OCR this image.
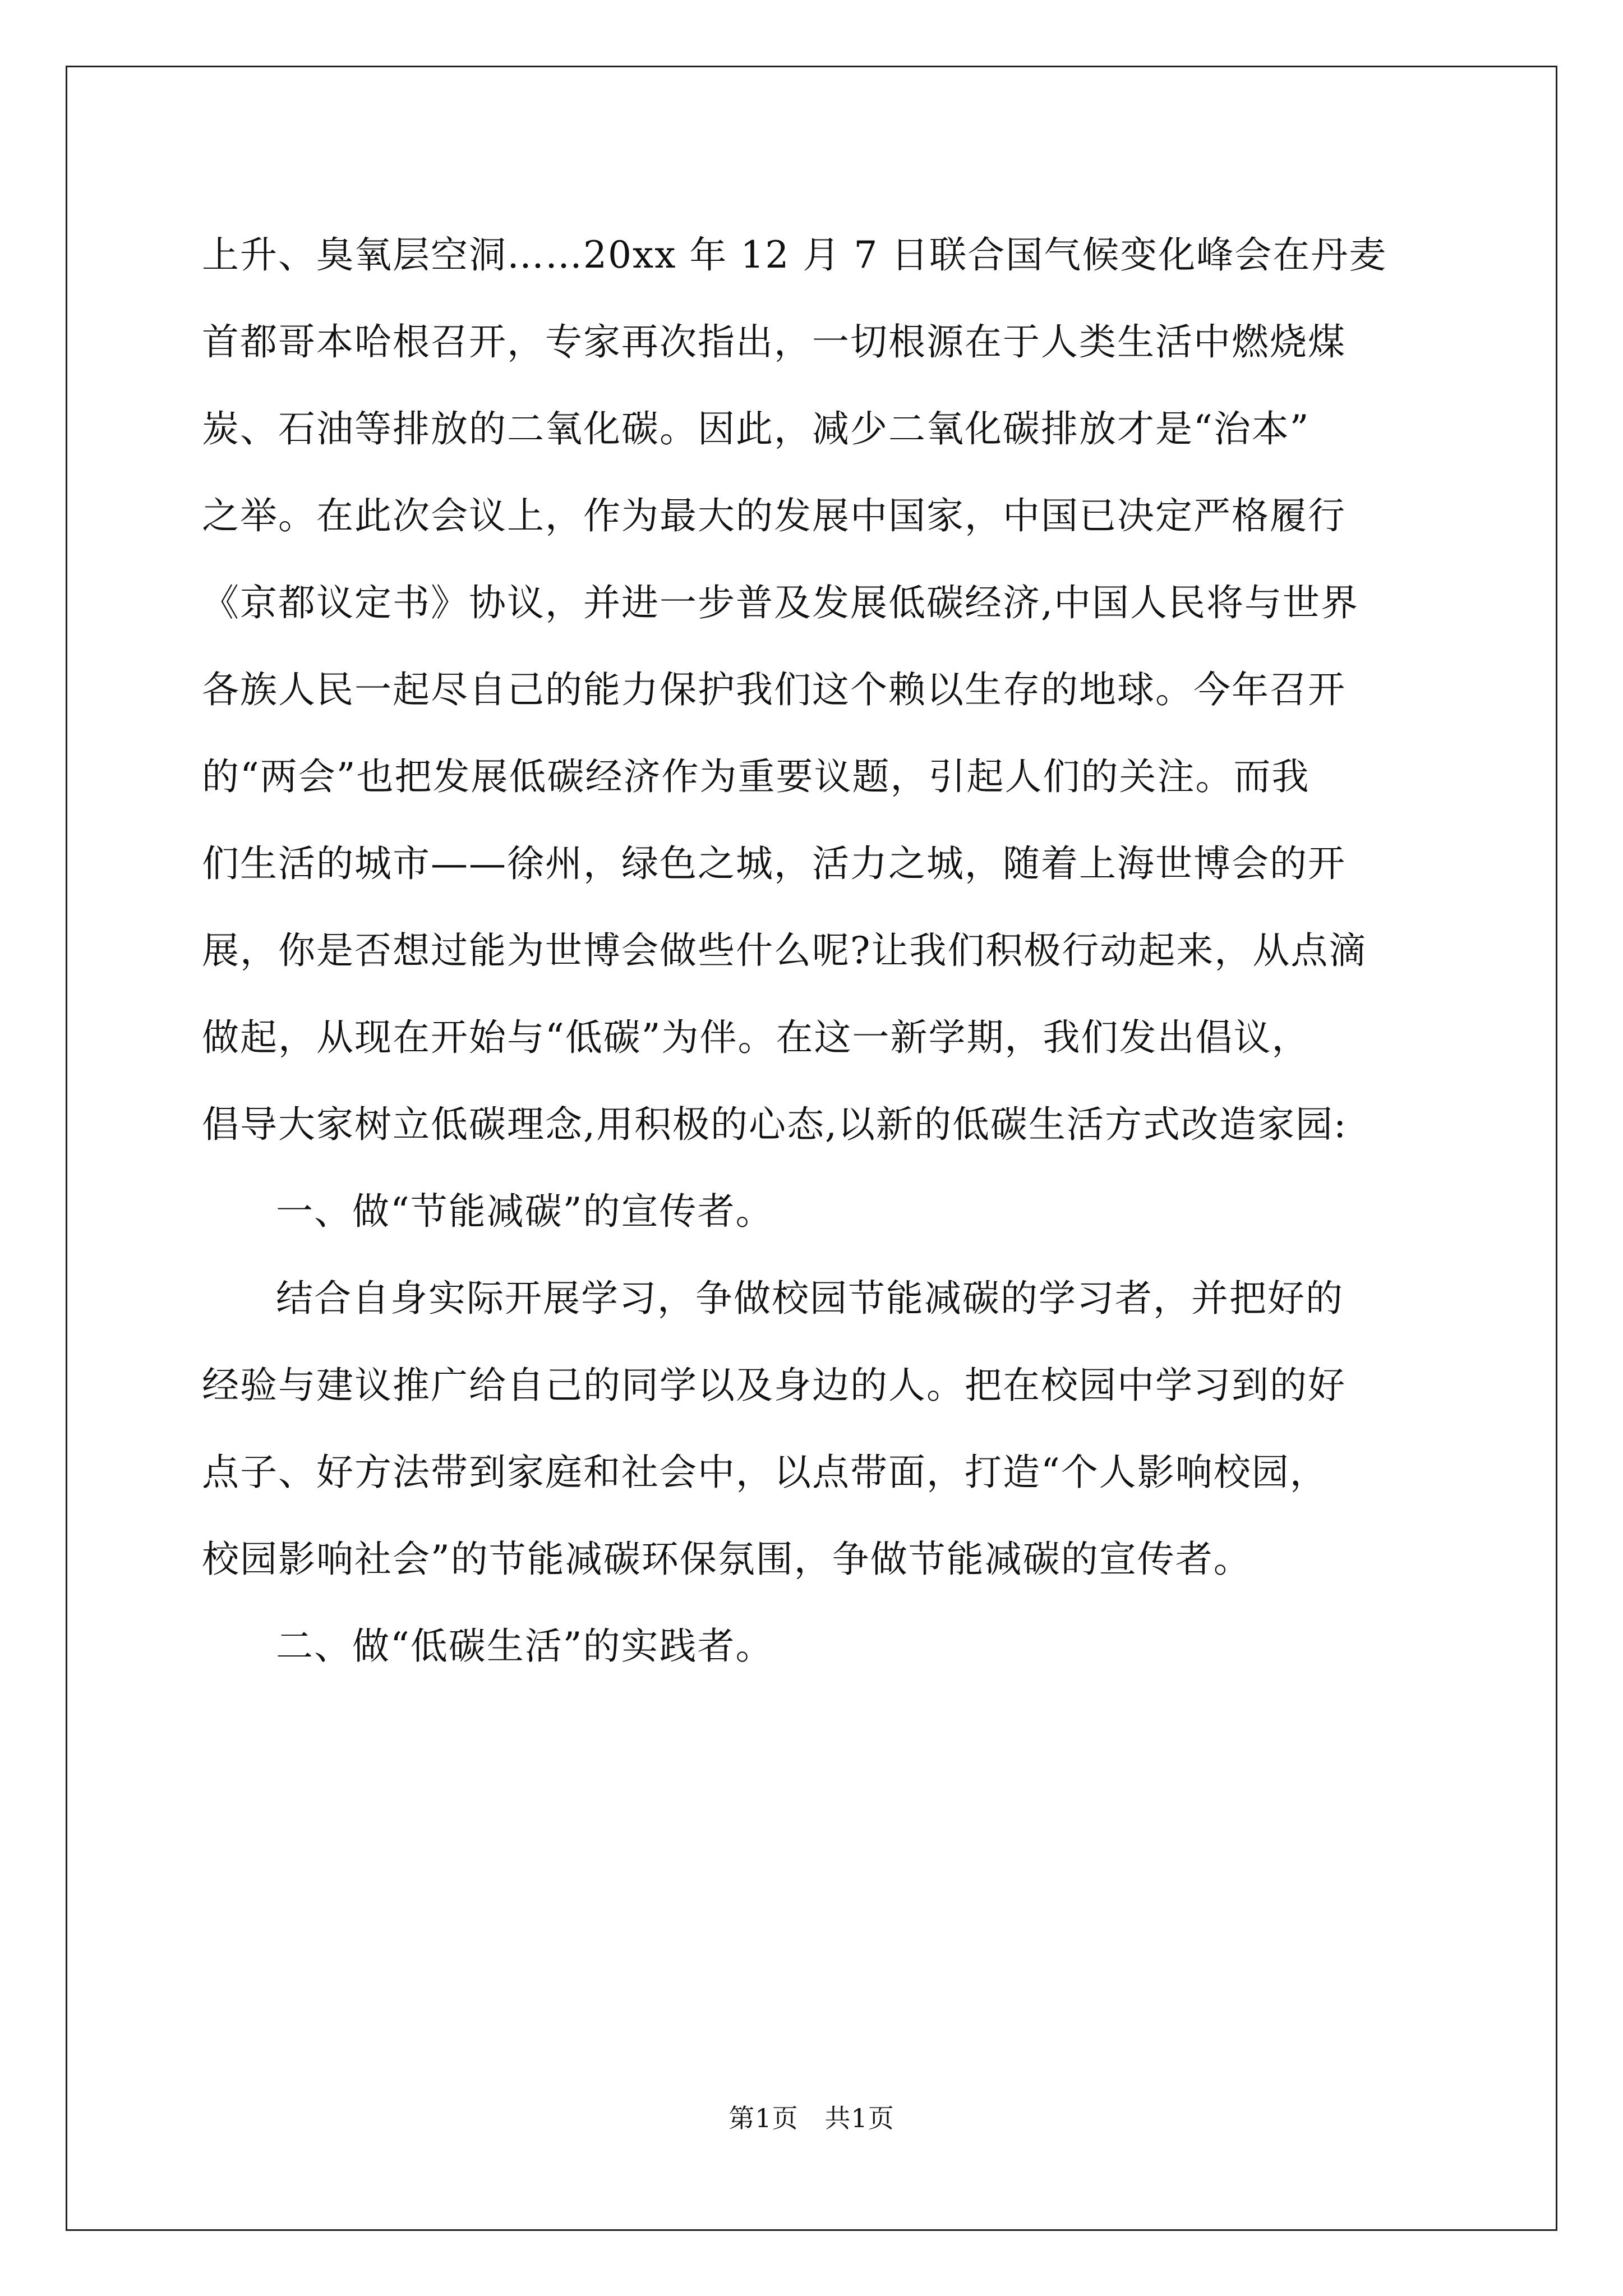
上升、臭氧层空洞……20xx 年 12 月 7 日联合国气候变化峰会在丹麦
首都哥本哈根召开，专家再次指出，一切根源在于人类生活中燃烧煤
炭、石油等排放的二氧化碳。因此，减少二氧化碳排放才是“治本”
之举。在此次会议上，作为最大的发展中国家，中国已决定严格履行
《京都议定书》协议，并进一步普及发展低碳经济,中国人民将与世界
各族人民一起尽自己的能力保护我们这个赖以生存的地球。今年召开
的“两会”也把发展低碳经济作为重要议题，引起人们的关注。而我
们生活的城市——徐州，绿色之城，活力之城，随着上海世博会的开
展，你是否想过能为世博会做些什么呢?让我们积极行动起来，从点滴
做起，从现在开始与“低碳”为伴。在这一新学期，我们发出倡议，
倡导大家树立低碳理念,用积极的心态,以新的低碳生活方式改造家园:
一、做“节能减碳”的宣传者。
结合自身实际开展学习，争做校园节能减碳的学习者，并把好的
经验与建议推广给自己的同学以及身边的人。把在校园中学习到的好
点子、好方法带到家庭和社会中，以点带面，打造“个人影响校园，
校园影响社会”的节能减碳环保氛围，争做节能减碳的宣传者。
二、做“低碳生活”的实践者。
第1页   共1页
